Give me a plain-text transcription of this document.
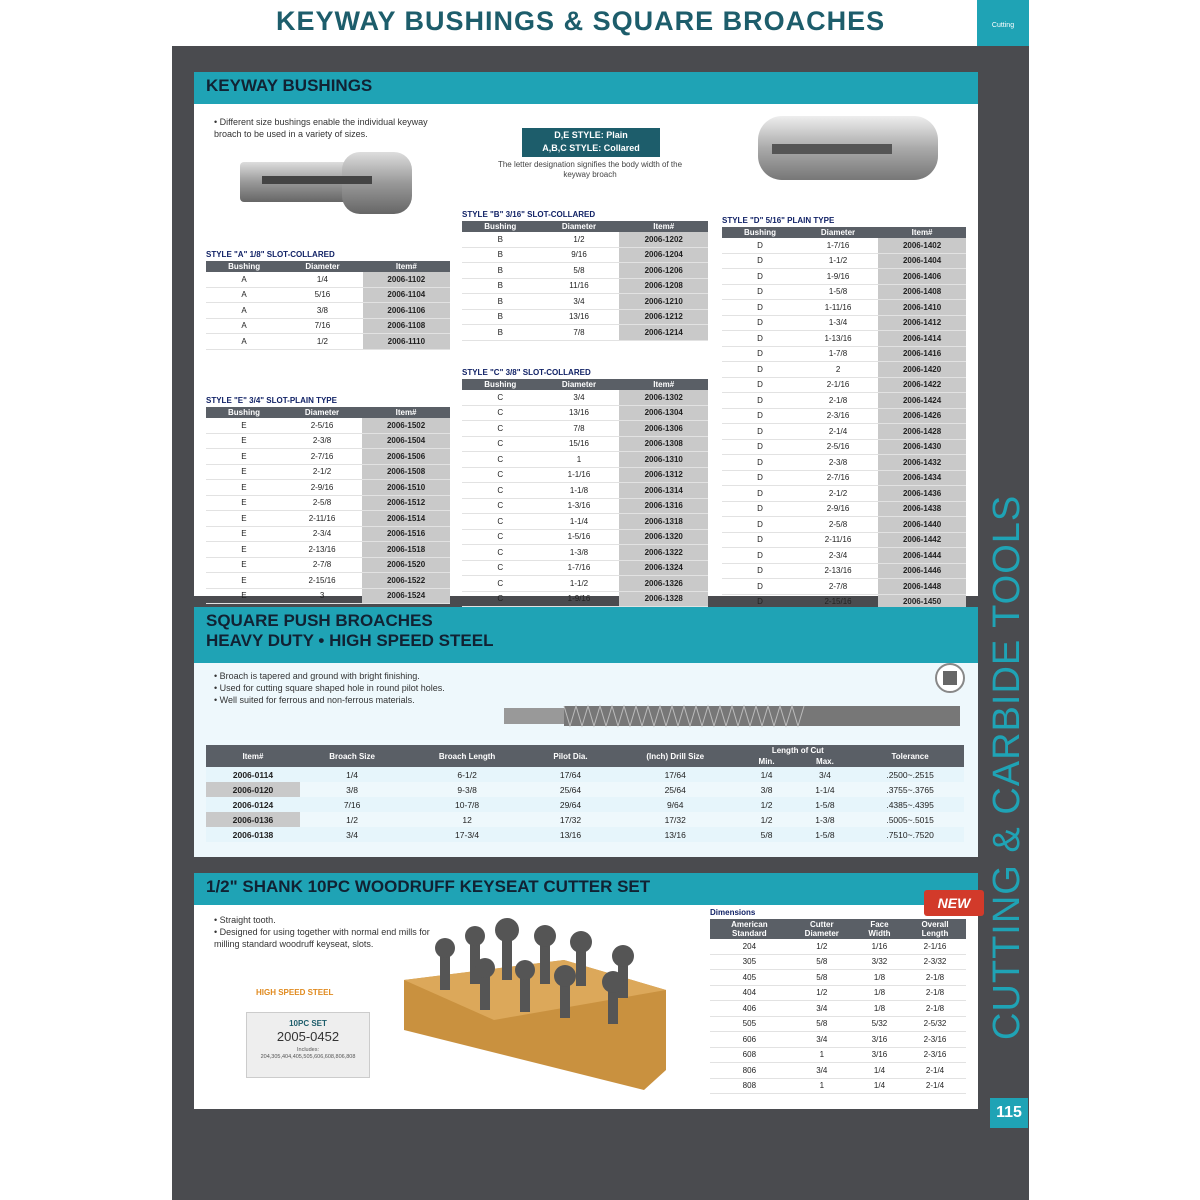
KEYWAY BUSHINGS & SQUARE BROACHES	Cutting
CUTTING & CARBIDE TOOLS
115
KEYWAY BUSHINGS
• Different size bushings enable the individual keyway broach to be used in a variety of sizes.	D,E STYLE: Plain
A,B,C STYLE: Collared
The letter designation signifies the body width of the keyway broach
STYLE "A" 1/8" SLOT-COLLARED
Bushing	Diameter	Item#
A	1/4	2006-1102
A	5/16	2006-1104
A	3/8	2006-1106
A	7/16	2006-1108
A	1/2	2006-1110
STYLE "B" 3/16" SLOT-COLLARED
Bushing	Diameter	Item#
B	1/2	2006-1202
B	9/16	2006-1204
B	5/8	2006-1206
B	11/16	2006-1208
B	3/4	2006-1210
B	13/16	2006-1212
B	7/8	2006-1214
STYLE "C" 3/8" SLOT-COLLARED
Bushing	Diameter	Item#
C	3/4	2006-1302
C	13/16	2006-1304
C	7/8	2006-1306
C	15/16	2006-1308
C	1	2006-1310
C	1-1/16	2006-1312
C	1-1/8	2006-1314
C	1-3/16	2006-1316
C	1-1/4	2006-1318
C	1-5/16	2006-1320
C	1-3/8	2006-1322
C	1-7/16	2006-1324
C	1-1/2	2006-1326
C	1-9/16	2006-1328
STYLE "D" 5/16" PLAIN TYPE
Bushing	Diameter	Item#
D	1-7/16	2006-1402
D	1-1/2	2006-1404
D	1-9/16	2006-1406
D	1-5/8	2006-1408
D	1-11/16	2006-1410
D	1-3/4	2006-1412
D	1-13/16	2006-1414
D	1-7/8	2006-1416
D	2	2006-1420
D	2-1/16	2006-1422
D	2-1/8	2006-1424
D	2-3/16	2006-1426
D	2-1/4	2006-1428
D	2-5/16	2006-1430
D	2-3/8	2006-1432
D	2-7/16	2006-1434
D	2-1/2	2006-1436
D	2-9/16	2006-1438
D	2-5/8	2006-1440
D	2-11/16	2006-1442
D	2-3/4	2006-1444
D	2-13/16	2006-1446
D	2-7/8	2006-1448
D	2-15/16	2006-1450

STYLE "E" 3/4" SLOT-PLAIN TYPE
Bushing	Diameter	Item#
E	2-5/16	2006-1502
E	2-3/8	2006-1504
E	2-7/16	2006-1506
E	2-1/2	2006-1508
E	2-9/16	2006-1510
E	2-5/8	2006-1512
E	2-11/16	2006-1514
E	2-3/4	2006-1516
E	2-13/16	2006-1518
E	2-7/8	2006-1520
E	2-15/16	2006-1522
E	3	2006-1524
SQUARE PUSH BROACHES
HEAVY DUTY • HIGH SPEED STEEL
• Broach is tapered and ground with bright finishing.
• Used for cutting square shaped hole in round pilot holes.
• Well suited for ferrous and non-ferrous materials.
Item#	Broach Size	Broach Length	Pilot Dia.	(Inch) Drill Size	Length of Cut		Tolerance
					Min.	Max.	
2006-0114	1/4	6-1/2	17/64	17/64	1/4	3/4	.2500~.2515
2006-0120	3/8	9-3/8	25/64	25/64	3/8	1-1/4	.3755~.3765
2006-0124	7/16	10-7/8	29/64	9/64	1/2	1-5/8	.4385~.4395
2006-0136	1/2	12	17/32	17/32	1/2	1-3/8	.5005~.5015
2006-0138	3/4	17-3/4	13/16	13/16	5/8	1-5/8	.7510~.7520
1/2" SHANK 10PC WOODRUFF KEYSEAT CUTTER SET
NEW
• Straight tooth.
• Designed for using together with normal end mills for milling standard woodruff keyseat, slots.
HIGH SPEED STEEL
10PC SET
2005-0452
Includes: 204,305,404,405,505,606,608,806,808
Dimensions
American Standard	Cutter Diameter	Face Width	Overall Length
204	1/2	1/16	2-1/16
305	5/8	3/32	2-3/32
405	5/8	1/8	2-1/8
404	1/2	1/8	2-1/8
406	3/4	1/8	2-1/8
505	5/8	5/32	2-5/32
606	3/4	3/16	2-3/16
608	1	3/16	2-3/16
806	3/4	1/4	2-1/4
808	1	1/4	2-1/4
